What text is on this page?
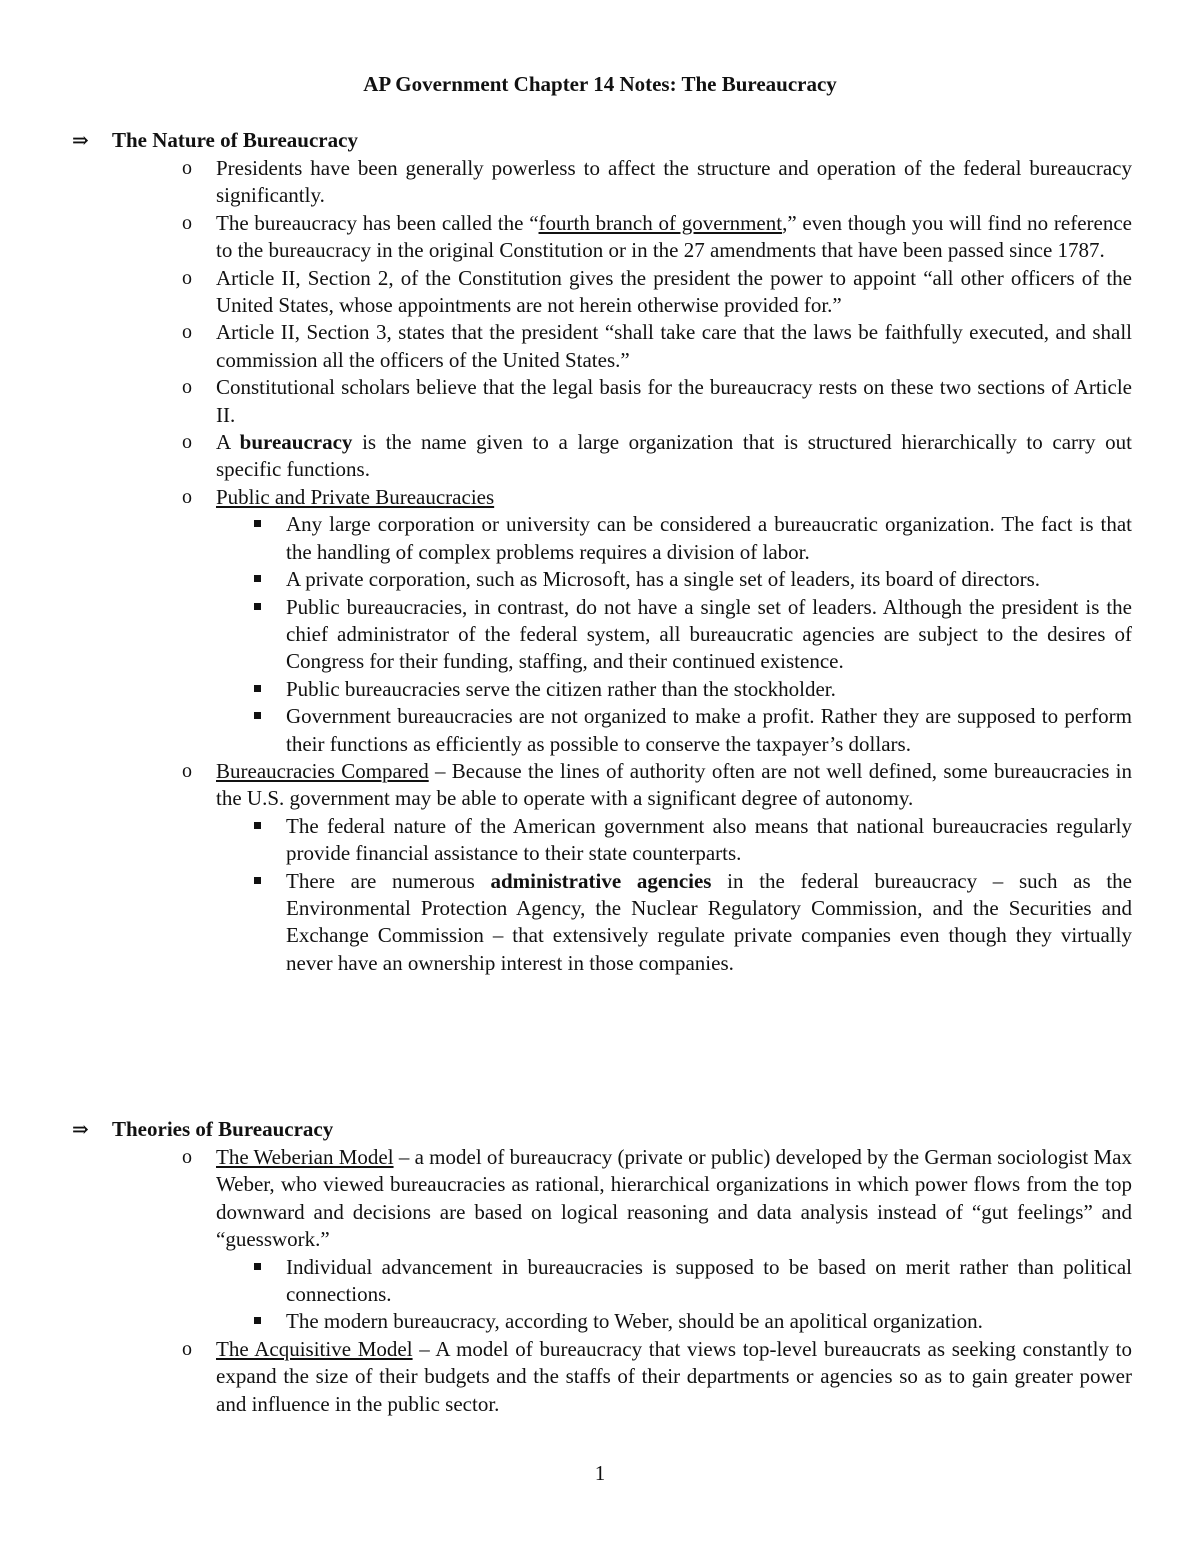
AP Government Chapter 14 Notes: The Bureaucracy

⇒	The Nature of Bureaucracy

o Presidents have been generally powerless to affect the structure and operation of the federal bureaucracy significantly.
o The bureaucracy has been called the “fourth branch of government,” even though you will find no reference to the bureaucracy in the original Constitution or in the 27 amendments that have been passed since 1787.
o Article II, Section 2, of the Constitution gives the president the power to appoint “all other officers of the United States, whose appointments are not herein otherwise provided for.”
o Article II, Section 3, states that the president “shall take care that the laws be faithfully executed, and shall commission all the officers of the United States.”
o Constitutional scholars believe that the legal basis for the bureaucracy rests on these two sections of Article II.
o A bureaucracy is the name given to a large organization that is structured hierarchically to carry out specific functions.
o Public and Private Bureaucracies
Any large corporation or university can be considered a bureaucratic organization. The fact is that the handling of complex problems requires a division of labor.
A private corporation, such as Microsoft, has a single set of leaders, its board of directors.
Public bureaucracies, in contrast, do not have a single set of leaders. Although the president is the chief administrator of the federal system, all bureaucratic agencies are subject to the desires of Congress for their funding, staffing, and their continued existence.
Public bureaucracies serve the citizen rather than the stockholder.
Government bureaucracies are not organized to make a profit. Rather they are supposed to perform their functions as efficiently as possible to conserve the taxpayer’s dollars.
o Bureaucracies Compared – Because the lines of authority often are not well defined, some bureaucracies in the U.S. government may be able to operate with a significant degree of autonomy.
The federal nature of the American government also means that national bureaucracies regularly provide financial assistance to their state counterparts.
There are numerous administrative agencies in the federal bureaucracy – such as the Environmental Protection Agency, the Nuclear Regulatory Commission, and the Securities and Exchange Commission – that extensively regulate private companies even though they virtually never have an ownership interest in those companies.

⇒	Theories of Bureaucracy

o The Weberian Model – a model of bureaucracy (private or public) developed by the German sociologist Max Weber, who viewed bureaucracies as rational, hierarchical organizations in which power flows from the top downward and decisions are based on logical reasoning and data analysis instead of “gut feelings” and “guesswork.”
Individual advancement in bureaucracies is supposed to be based on merit rather than political connections.
The modern bureaucracy, according to Weber, should be an apolitical organization.
o The Acquisitive Model – A model of bureaucracy that views top-level bureaucrats as seeking constantly to expand the size of their budgets and the staffs of their departments or agencies so as to gain greater power and influence in the public sector.
1
